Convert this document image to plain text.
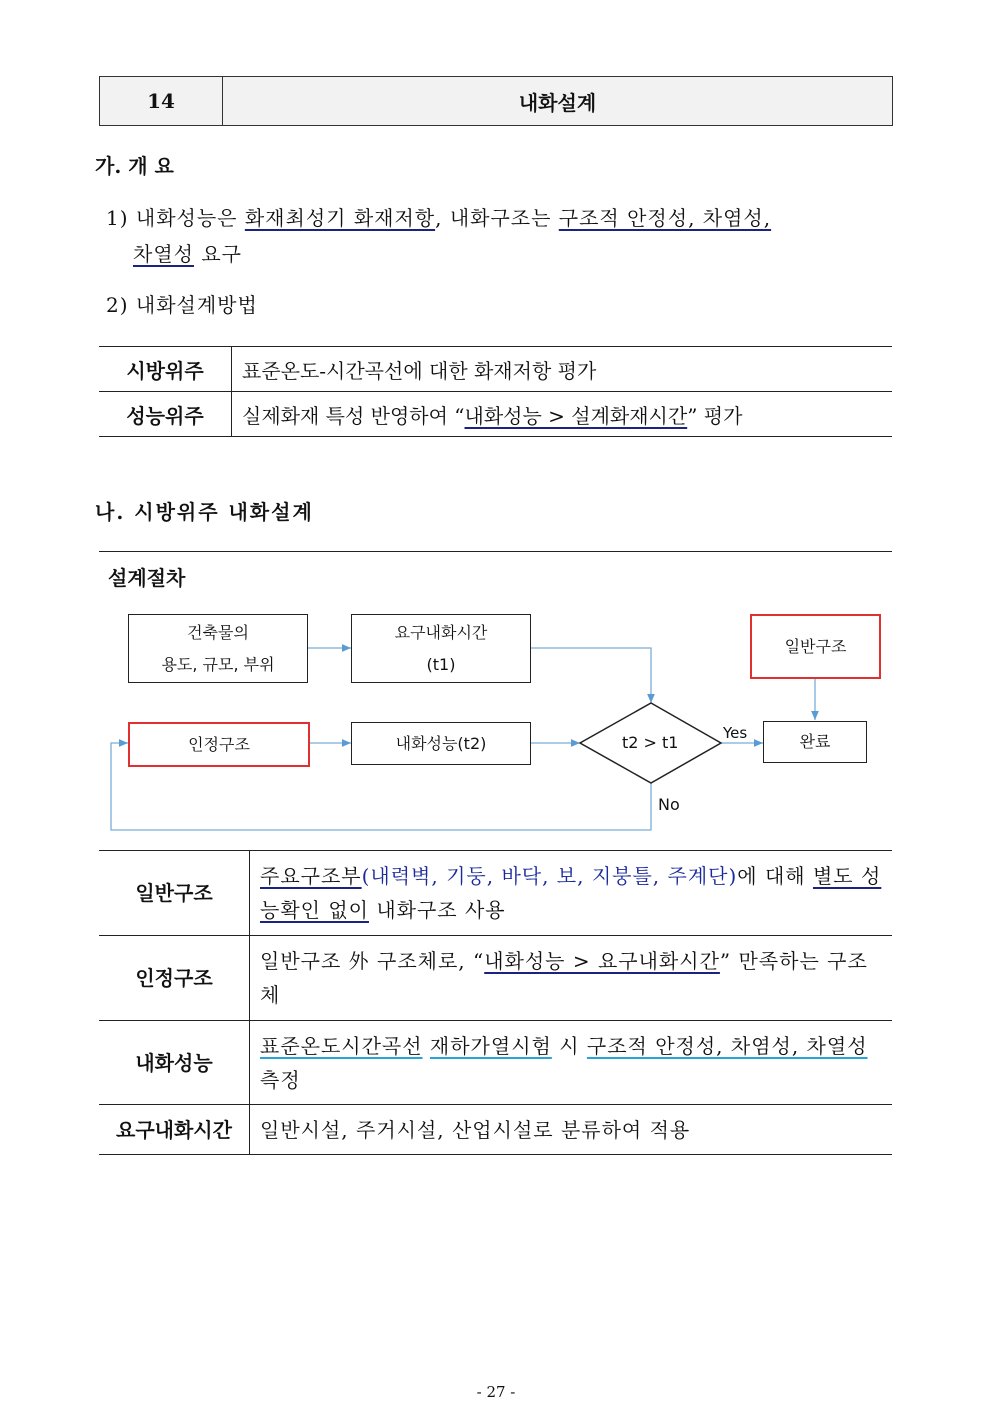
14	내화설계
가. 개 요
1) 내화성능은 화재최성기 화재저항, 내화구조는 구조적 안정성, 차염성,
차열성 요구
2) 내화설계방법
시방위주	표준온도-시간곡선에 대한 화재저항 평가
성능위주	실제화재 특성 반영하여 “내화성능 > 설계화재시간” 평가
나. 시방위주 내화설계
설계절차
건축물의
용도, 규모, 부위
요구내화시간
(t1)
일반구조
인정구조	내화성능(t2)	t2 > t1	완료
Yes
No
일반구조	주요구조부(내력벽, 기둥, 바닥, 보, 지붕틀, 주계단)에 대해 별도 성능확인 없이 내화구조 사용
인정구조	일반구조 外 구조체로, “내화성능 > 요구내화시간” 만족하는 구조체
내화성능	표준온도시간곡선 재하가열시험 시 구조적 안정성, 차염성, 차열성 측정
요구내화시간	일반시설, 주거시설, 산업시설로 분류하여 적용
- 27 -
